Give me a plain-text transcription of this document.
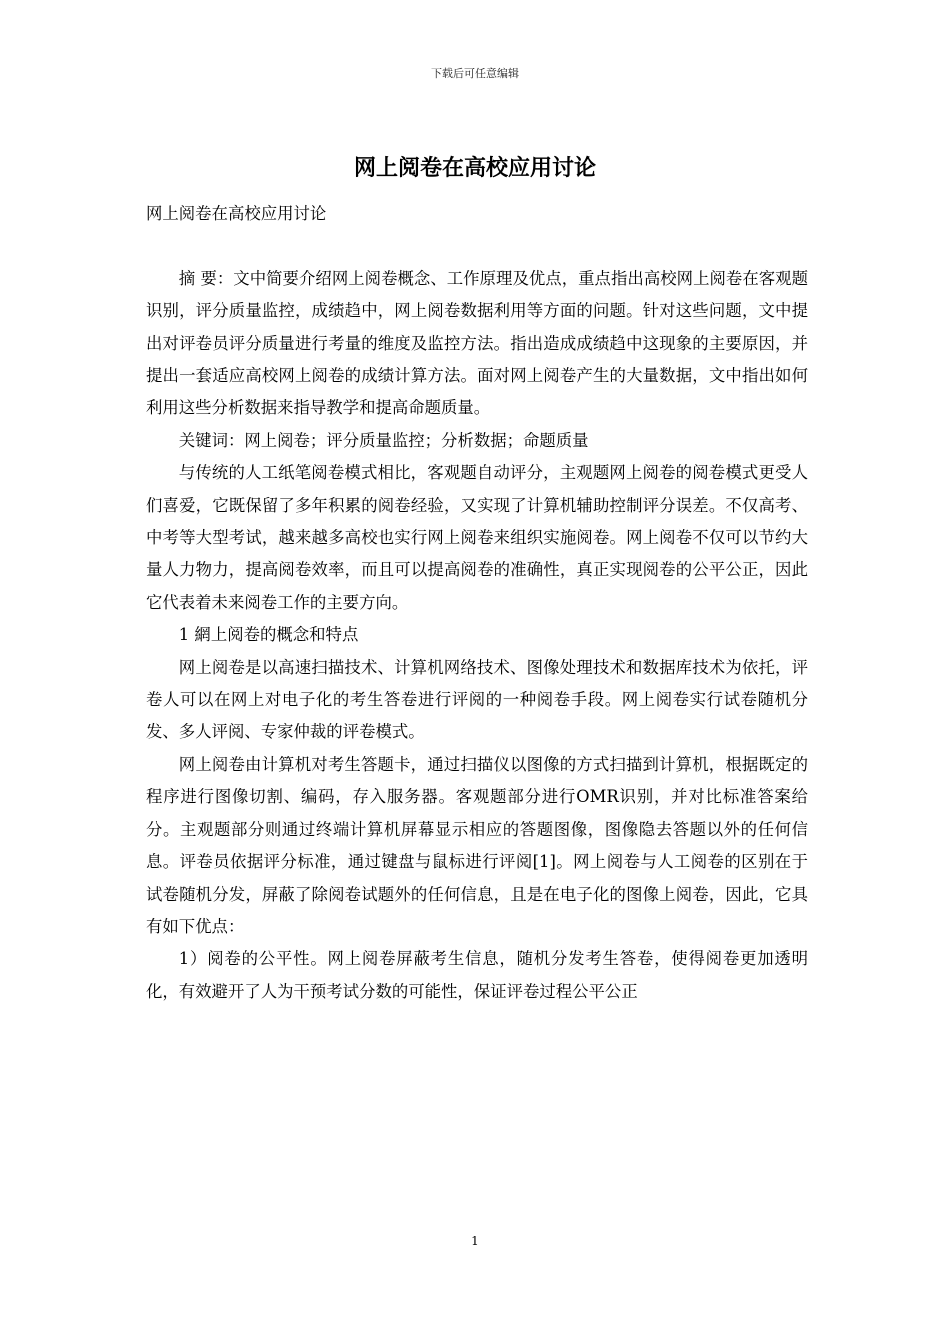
下载后可任意编辑
网上阅卷在高校应用讨论

网上阅卷在高校应用讨论

摘 要：文中简要介绍网上阅卷概念、工作原理及优点，重点指出高校网上阅卷在客观题识别，评分质量监控，成绩趋中，网上阅卷数据利用等方面的问题。针对这些问题，文中提出对评卷员评分质量进行考量的维度及监控方法。指出造成成绩趋中这现象的主要原因，并提出一套适应高校网上阅卷的成绩计算方法。面对网上阅卷产生的大量数据，文中指出如何利用这些分析数据来指导教学和提高命题质量。

关键词：网上阅卷；评分质量监控；分析数据；命题质量

与传统的人工纸笔阅卷模式相比，客观题自动评分，主观题网上阅卷的阅卷模式更受人们喜爱，它既保留了多年积累的阅卷经验，又实现了计算机辅助控制评分误差。不仅高考、中考等大型考试，越来越多高校也实行网上阅卷来组织实施阅卷。网上阅卷不仅可以节约大量人力物力，提高阅卷效率，而且可以提高阅卷的准确性，真正实现阅卷的公平公正，因此它代表着未来阅卷工作的主要方向。

1 網上阅卷的概念和特点

网上阅卷是以高速扫描技术、计算机网络技术、图像处理技术和数据库技术为依托，评卷人可以在网上对电子化的考生答卷进行评阅的一种阅卷手段。网上阅卷实行试卷随机分发、多人评阅、专家仲裁的评卷模式。

网上阅卷由计算机对考生答题卡，通过扫描仪以图像的方式扫描到计算机，根据既定的程序进行图像切割、编码，存入服务器。客观题部分进行OMR识别，并对比标准答案给分。主观题部分则通过终端计算机屏幕显示相应的答题图像，图像隐去答题以外的任何信息。评卷员依据评分标准，通过键盘与鼠标进行评阅[1]。网上阅卷与人工阅卷的区别在于试卷随机分发，屏蔽了除阅卷试题外的任何信息，且是在电子化的图像上阅卷，因此，它具有如下优点：

1）阅卷的公平性。网上阅卷屏蔽考生信息，随机分发考生答卷，使得阅卷更加透明化，有效避开了人为干预考试分数的可能性，保证评卷过程公平公正

1
